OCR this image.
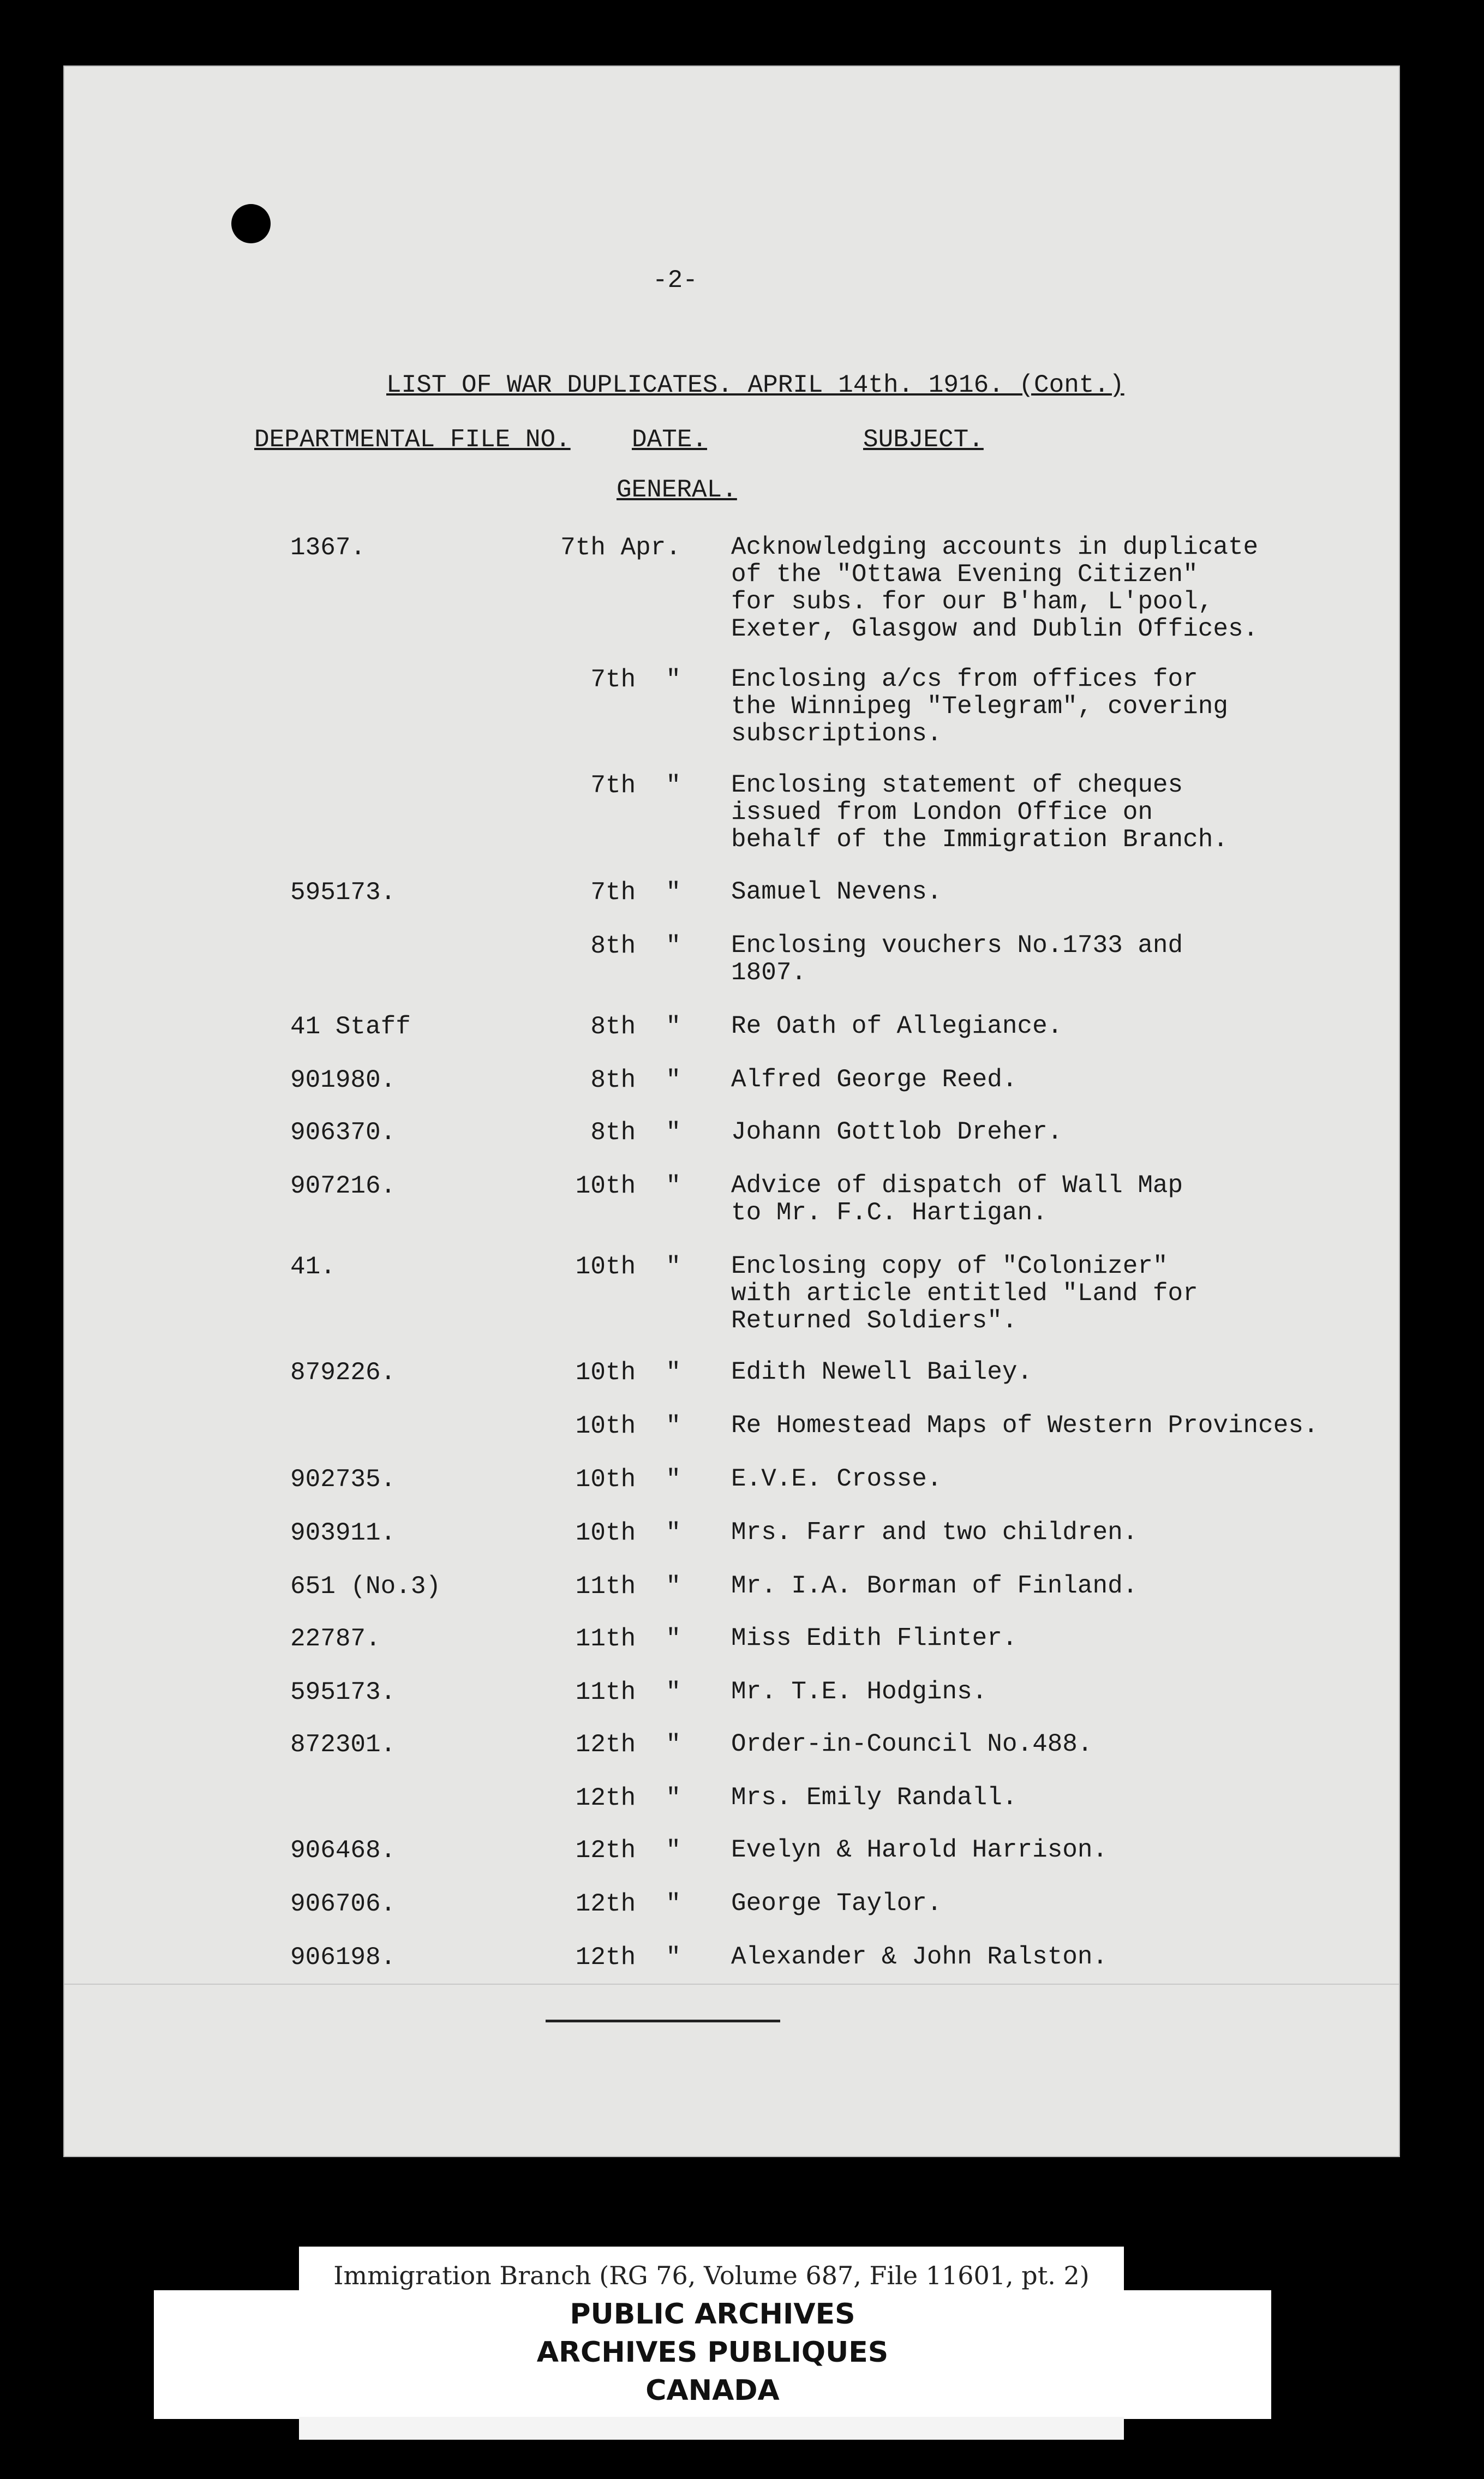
-2-
LIST OF WAR DUPLICATES. APRIL 14th. 1916. (Cont.)
DEPARTMENTAL FILE NO. DATE.	SUBJECT.
GENERAL.
1367.	7th Apr. Acknowledging accounts in duplicate
of the "Ottawa Evening Citizen"
for subs. for our B'ham, L'pool,
Exeter, Glasgow and Dublin Offices.
7th  " Enclosing a/cs from offices for
the Winnipeg "Telegram", covering
subscriptions.
7th  " Enclosing statement of cheques
issued from London Office on
behalf of the Immigration Branch.
595173.	7th  " Samuel Nevens.
8th  " Enclosing vouchers No.1733 and
1807.
41 Staff	8th  " Re Oath of Allegiance.
901980.	8th  " Alfred George Reed.
906370.	8th  " Johann Gottlob Dreher.
907216.	10th  " Advice of dispatch of Wall Map
to Mr. F.C. Hartigan.
41.	10th  " Enclosing copy of "Colonizer"
with article entitled "Land for
Returned Soldiers".
879226.	10th  " Edith Newell Bailey.
10th  " Re Homestead Maps of Western Provinces.
902735.	10th  " E.V.E. Crosse.
903911.	10th  " Mrs. Farr and two children.
651 (No.3)	11th  " Mr. I.A. Borman of Finland.
22787.	11th  " Miss Edith Flinter.
595173.	11th  " Mr. T.E. Hodgins.
872301.	12th  " Order-in-Council No.488.
12th  " Mrs. Emily Randall.
906468.	12th  " Evelyn & Harold Harrison.
906706.	12th  " George Taylor.
906198.	12th  " Alexander & John Ralston.
Immigration Branch (RG 76, Volume 687, File 11601, pt. 2)
PUBLIC ARCHIVES
ARCHIVES PUBLIQUES
CANADA
